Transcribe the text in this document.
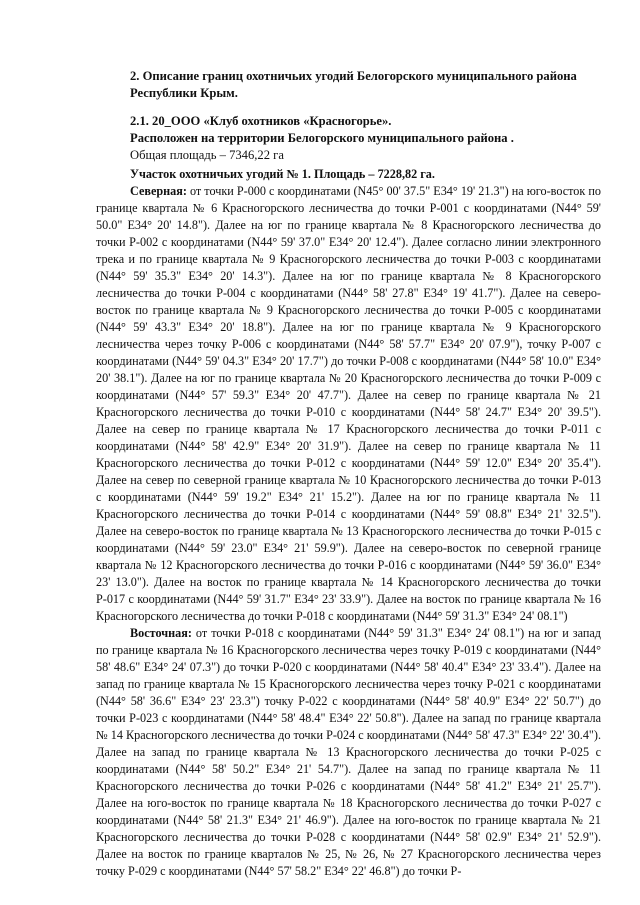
2. Описание границ охотничьих угодий Белогорского муниципального района Республики Крым.
2.1. 20_ООО «Клуб охотников «Красногорье».
Расположен на территории Белогорского муниципального района .
Общая площадь – 7346,22 га

Участок охотничьих угодий № 1. Площадь – 7228,82 га.

Северная: от точки Р-000 с координатами (N45° 00' 37.5" E34° 19' 21.3") на юго-восток по границе квартала № 6 Красногорского лесничества до точки Р-001 с координатами (N44° 59' 50.0" E34° 20' 14.8"). Далее на юг по границе квартала № 8 Красногорского лесничества до точки Р-002 с координатами (N44° 59' 37.0" E34° 20' 12.4"). Далее согласно линии электронного трека и по границе квартала № 9 Красногорского лесничества до точки Р-003 с координатами (N44° 59' 35.3" E34° 20' 14.3"). Далее на юг по границе квартала № 8 Красногорского лесничества до точки Р-004 с координатами (N44° 58' 27.8" E34° 19' 41.7"). Далее на северо-восток по границе квартала № 9 Красногорского лесничества до точки Р-005 с координатами (N44° 59' 43.3" E34° 20' 18.8"). Далее на юг по границе квартала № 9 Красногорского лесничества через точку Р-006 с координатами (N44° 58' 57.7" E34° 20' 07.9"), точку Р-007 с координатами (N44° 59' 04.3" E34° 20' 17.7") до точки Р-008 с координатами (N44° 58' 10.0" E34° 20' 38.1"). Далее на юг по границе квартала № 20 Красногорского лесничества до точки Р-009 с координатами (N44° 57' 59.3" E34° 20' 47.7"). Далее на север по границе квартала № 21 Красногорского лесничества до точки Р-010 с координатами (N44° 58' 24.7" E34° 20' 39.5"). Далее на север по границе квартала № 17 Красногорского лесничества до точки Р-011 с координатами (N44° 58' 42.9" E34° 20' 31.9"). Далее на север по границе квартала № 11 Красногорского лесничества до точки Р-012 с координатами (N44° 59' 12.0" E34° 20' 35.4"). Далее на север по северной границе квартала № 10 Красногорского лесничества до точки Р-013 с координатами (N44° 59' 19.2" E34° 21' 15.2"). Далее на юг по границе квартала № 11 Красногорского лесничества до точки Р-014 с координатами (N44° 59' 08.8" E34° 21' 32.5"). Далее на северо-восток по границе квартала № 13 Красногорского лесничества до точки Р-015 с координатами (N44° 59' 23.0" E34° 21' 59.9"). Далее на северо-восток по северной границе квартала № 12 Красногорского лесничества до точки Р-016 с координатами (N44° 59' 36.0" E34° 23' 13.0"). Далее на восток по границе квартала № 14 Красногорского лесничества до точки Р-017 с координатами (N44° 59' 31.7" E34° 23' 33.9"). Далее на восток по границе квартала № 16 Красногорского лесничества до точки Р-018 с координатами (N44° 59' 31.3" E34° 24' 08.1")

Восточная: от точки Р-018 с координатами (N44° 59' 31.3" E34° 24' 08.1") на юг и запад по границе квартала № 16 Красногорского лесничества через точку Р-019 с координатами (N44° 58' 48.6" E34° 24' 07.3") до точки Р-020 с координатами (N44° 58' 40.4" E34° 23' 33.4"). Далее на запад по границе квартала № 15 Красногорского лесничества через точку Р-021 с координатами (N44° 58' 36.6" E34° 23' 23.3") точку Р-022 с координатами (N44° 58' 40.9" E34° 22' 50.7") до точки Р-023 с координатами (N44° 58' 48.4" E34° 22' 50.8"). Далее на запад по границе квартала № 14 Красногорского лесничества до точки Р-024 с координатами (N44° 58' 47.3" E34° 22' 30.4"). Далее на запад по границе квартала № 13 Красногорского лесничества до точки Р-025 с координатами (N44° 58' 50.2" E34° 21' 54.7"). Далее на запад по границе квартала № 11 Красногорского лесничества до точки Р-026 с координатами (N44° 58' 41.2" E34° 21' 25.7"). Далее на юго-восток по границе квартала № 18 Красногорского лесничества до точки Р-027 с координатами (N44° 58' 21.3" E34° 21' 46.9"). Далее на юго-восток по границе квартала № 21 Красногорского лесничества до точки Р-028 с координатами (N44° 58' 02.9" E34° 21' 52.9"). Далее на восток по границе кварталов № 25, № 26, № 27 Красногорского лесничества через точку Р-029 с координатами (N44° 57' 58.2" E34° 22' 46.8") до точки Р-
